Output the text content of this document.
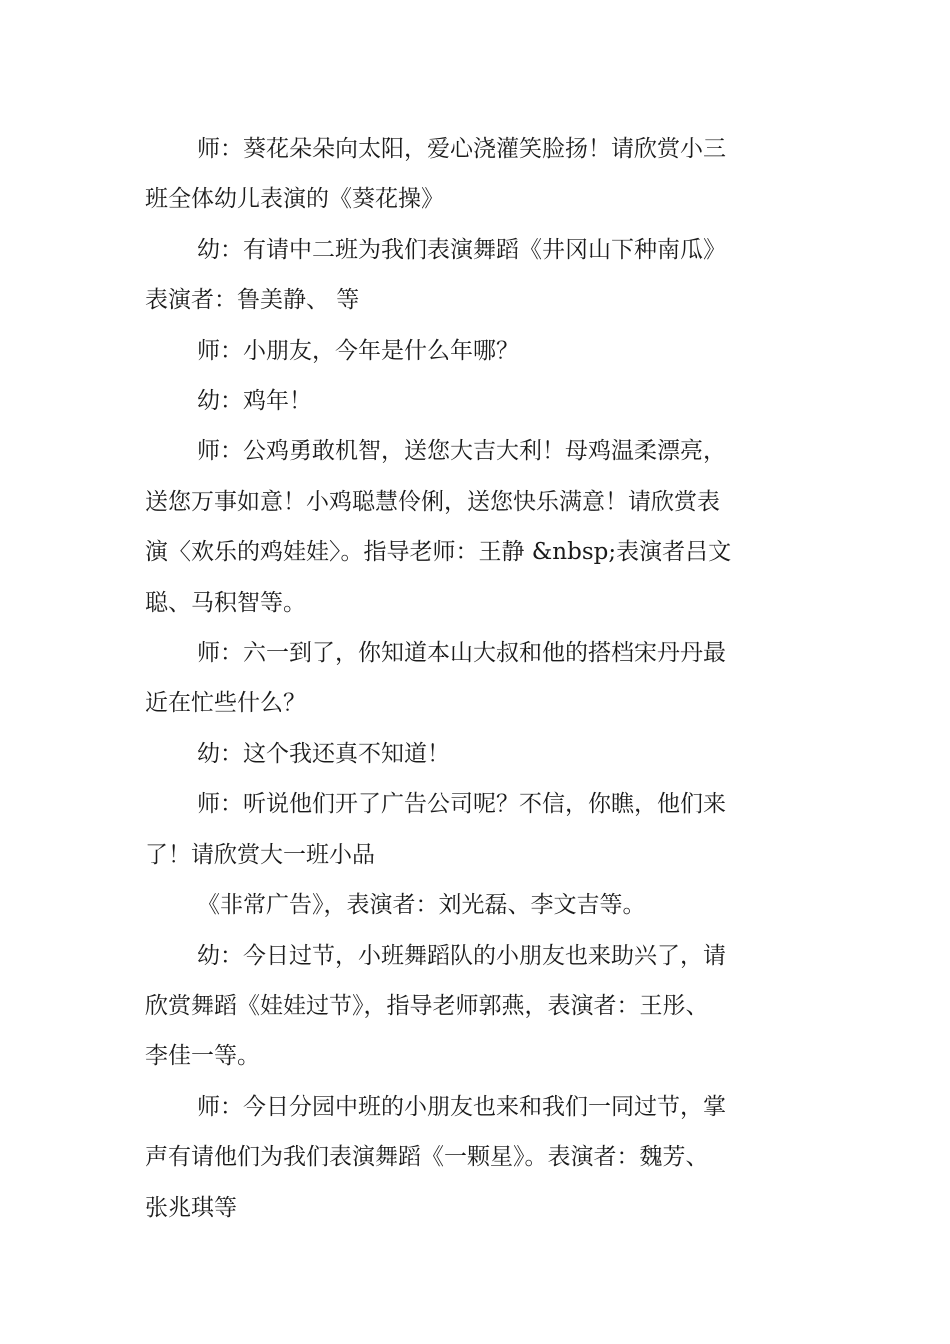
师：葵花朵朵向太阳，爱心浇灌笑脸扬！请欣赏小三
班全体幼儿表演的《葵花操》
幼：有请中二班为我们表演舞蹈《井冈山下种南瓜》
表演者：鲁美静、 等
师：小朋友，今年是什么年哪？
幼：鸡年！
师：公鸡勇敢机智，送您大吉大利！母鸡温柔漂亮，
送您万事如意！小鸡聪慧伶俐，送您快乐满意！请欣赏表
演〈欢乐的鸡娃娃〉。指导老师：王静 &nbsp;表演者吕文
聪、马积智等。
师：六一到了，你知道本山大叔和他的搭档宋丹丹最
近在忙些什么？
幼：这个我还真不知道！
师：听说他们开了广告公司呢？不信，你瞧，他们来
了！请欣赏大一班小品
《非常广告》，表演者：刘光磊、李文吉等。
幼：今日过节，小班舞蹈队的小朋友也来助兴了，请
欣赏舞蹈《娃娃过节》，指导老师郭燕，表演者：王彤、
李佳一等。
师：今日分园中班的小朋友也来和我们一同过节，掌
声有请他们为我们表演舞蹈《一颗星》。表演者：魏芳、
张兆琪等
